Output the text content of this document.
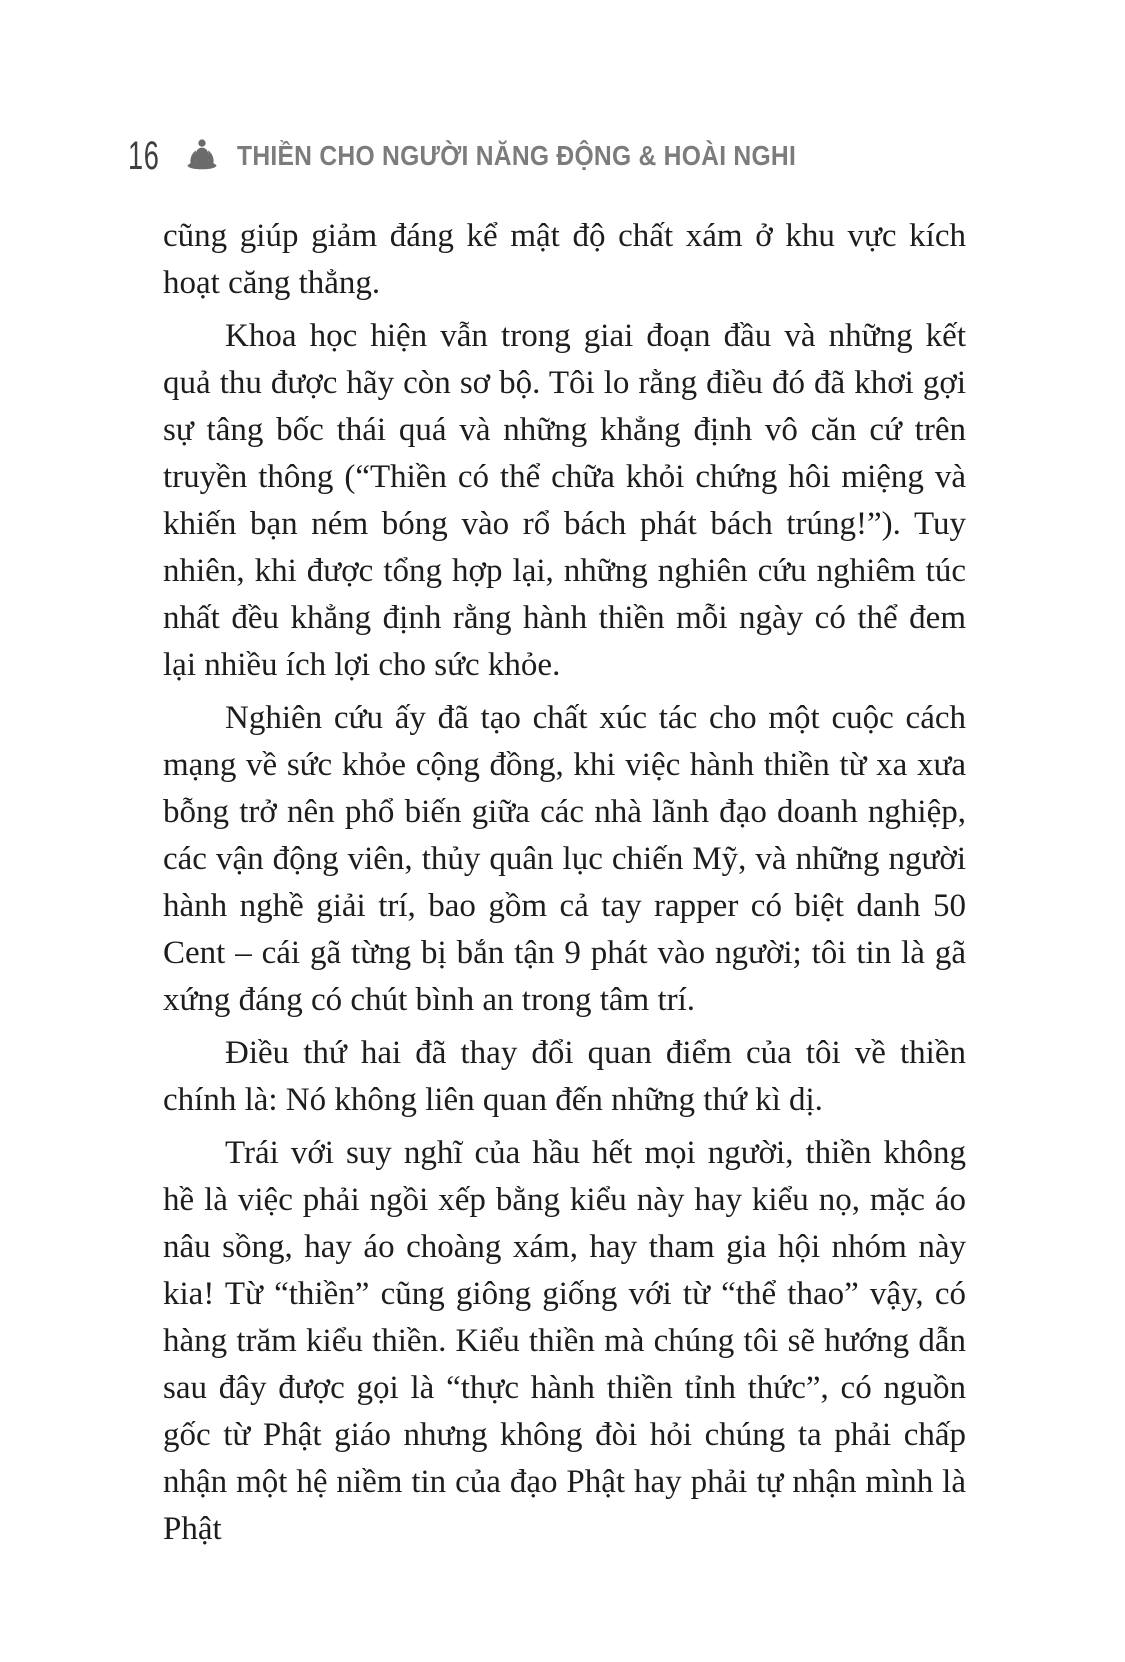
16	THIỀN CHO NGƯỜI NĂNG ĐỘNG & HOÀI NGHI

cũng giúp giảm đáng kể mật độ chất xám ở khu vực kích hoạt căng thẳng.

Khoa học hiện vẫn trong giai đoạn đầu và những kết quả thu được hãy còn sơ bộ. Tôi lo rằng điều đó đã khơi gợi sự tâng bốc thái quá và những khẳng định vô căn cứ trên truyền thông (“Thiền có thể chữa khỏi chứng hôi miệng và khiến bạn ném bóng vào rổ bách phát bách trúng!”). Tuy nhiên, khi được tổng hợp lại, những nghiên cứu nghiêm túc nhất đều khẳng định rằng hành thiền mỗi ngày có thể đem lại nhiều ích lợi cho sức khỏe.

Nghiên cứu ấy đã tạo chất xúc tác cho một cuộc cách mạng về sức khỏe cộng đồng, khi việc hành thiền từ xa xưa bỗng trở nên phổ biến giữa các nhà lãnh đạo doanh nghiệp, các vận động viên, thủy quân lục chiến Mỹ, và những người hành nghề giải trí, bao gồm cả tay rapper có biệt danh 50 Cent – cái gã từng bị bắn tận 9 phát vào người; tôi tin là gã xứng đáng có chút bình an trong tâm trí.

Điều thứ hai đã thay đổi quan điểm của tôi về thiền chính là: Nó không liên quan đến những thứ kì dị.

Trái với suy nghĩ của hầu hết mọi người, thiền không hề là việc phải ngồi xếp bằng kiểu này hay kiểu nọ, mặc áo nâu sồng, hay áo choàng xám, hay tham gia hội nhóm này kia! Từ “thiền” cũng giông giống với từ “thể thao” vậy, có hàng trăm kiểu thiền. Kiểu thiền mà chúng tôi sẽ hướng dẫn sau đây được gọi là “thực hành thiền tỉnh thức”, có nguồn gốc từ Phật giáo nhưng không đòi hỏi chúng ta phải chấp nhận một hệ niềm tin của đạo Phật hay phải tự nhận mình là Phật
